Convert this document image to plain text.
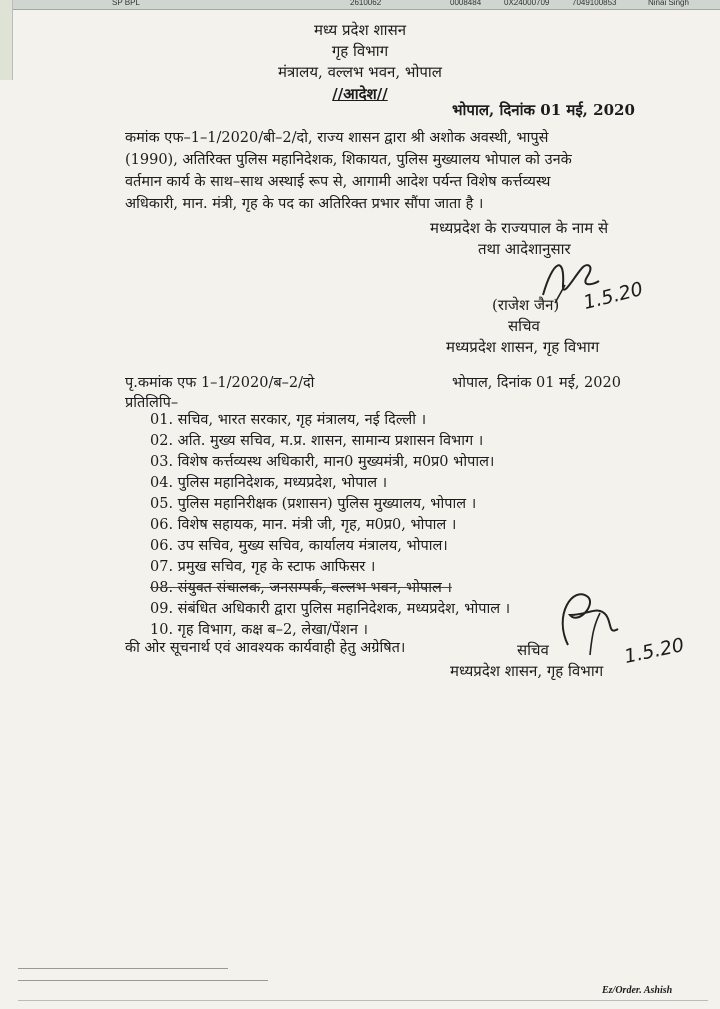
SP BPL	2610062	0008484	0X24000709	7049100853	Ninai Singh
मध्य प्रदेश शासन
गृह विभाग
मंत्रालय, वल्लभ भवन, भोपाल
//आदेश//
भोपाल, दिनांक 01 मई, 2020
कमांक एफ–1–1/2020/बी–2/दो, राज्य शासन द्वारा श्री अशोक अवस्थी, भापुसे
(1990), अतिरिक्त पुलिस महानिदेशक, शिकायत, पुलिस मुख्यालय भोपाल को उनके
वर्तमान कार्य के साथ–साथ अस्थाई रूप से, आगामी आदेश पर्यन्त विशेष कर्त्तव्यस्थ
अधिकारी, मान. मंत्री, गृह के पद का अतिरिक्त प्रभार सौंपा जाता है ।
मध्यप्रदेश के राज्यपाल के नाम से
तथा आदेशानुसार
(राजेश जैन) 1.5.20
सचिव
मध्यप्रदेश शासन, गृह विभाग
पृ.कमांक एफ 1–1/2020/ब–2/दो	भोपाल, दिनांक 01 मई, 2020
प्रतिलिपि–
01. सचिव, भारत सरकार, गृह मंत्रालय, नई दिल्ली ।
02. अति. मुख्य सचिव, म.प्र. शासन, सामान्य प्रशासन विभाग ।
03. विशेष कर्त्तव्यस्थ अधिकारी, मान0 मुख्यमंत्री, म0प्र0 भोपाल।
04. पुलिस महानिदेशक, मध्यप्रदेश, भोपाल ।
05. पुलिस महानिरीक्षक (प्रशासन) पुलिस मुख्यालय, भोपाल ।
06. विशेष सहायक, मान. मंत्री जी, गृह, म0प्र0, भोपाल ।
06. उप सचिव, मुख्य सचिव, कार्यालय मंत्रालय, भोपाल।
07. प्रमुख सचिव, गृह के स्टाफ आफिसर ।
08. संयुक्त संचालक, जनसम्पर्क, वल्लभ भवन, भोपाल ।
09. संबंधित अधिकारी द्वारा पुलिस महानिदेशक, मध्यप्रदेश, भोपाल ।
10. गृह विभाग, कक्ष ब–2, लेखा/पेंशन ।
की ओर सूचनार्थ एवं आवश्यक कार्यवाही हेतु अग्रेषित।	सचिव	1.5.20
मध्यप्रदेश शासन, गृह विभाग
Ez/Order. Ashish
